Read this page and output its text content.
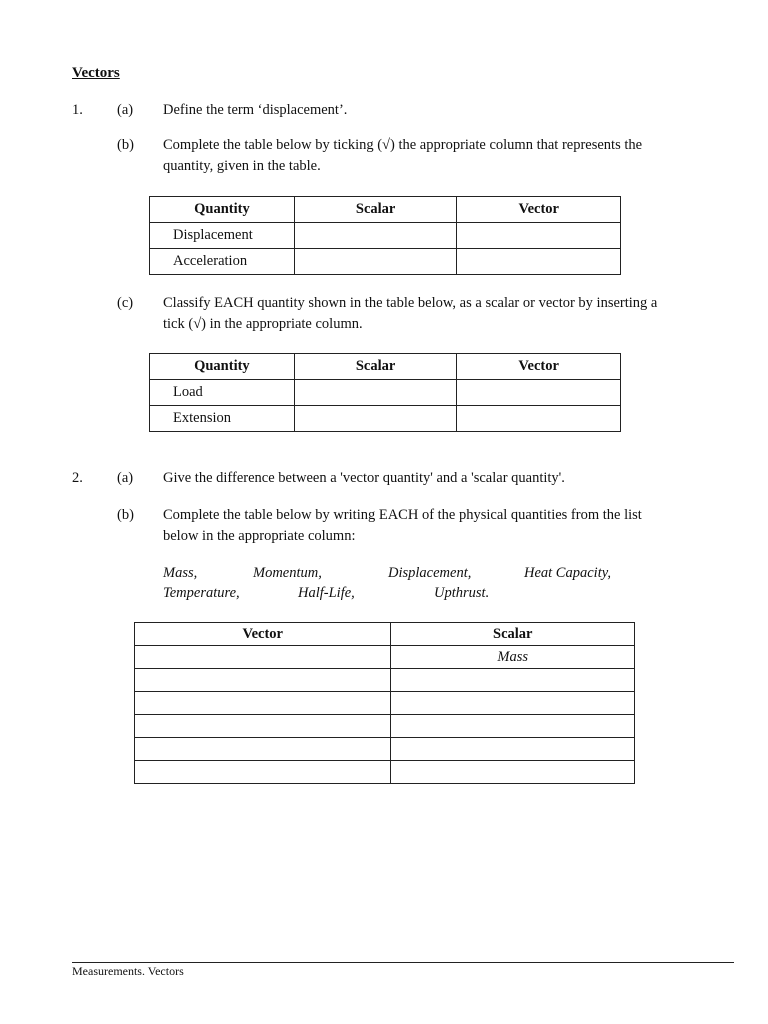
Vectors
1. (a) Define the term ‘displacement’.
(b) Complete the table below by ticking (√) the appropriate column that represents the
quantity, given in the table.
Quantity	Scalar	Vector
Displacement		
Acceleration		
(c) Classify EACH quantity shown in the table below, as a scalar or vector by inserting a
tick (√) in the appropriate column.
Quantity	Scalar	Vector
Load		
Extension		
2. (a) Give the difference between a 'vector quantity' and a 'scalar quantity'.
(b) Complete the table below by writing EACH of the physical quantities from the list
below in the appropriate column:
Mass,	Momentum,	Displacement,	Heat Capacity,
Temperature,	Half-Life,	Upthrust.
Vector	Scalar
	Mass

Measurements. Vectors
